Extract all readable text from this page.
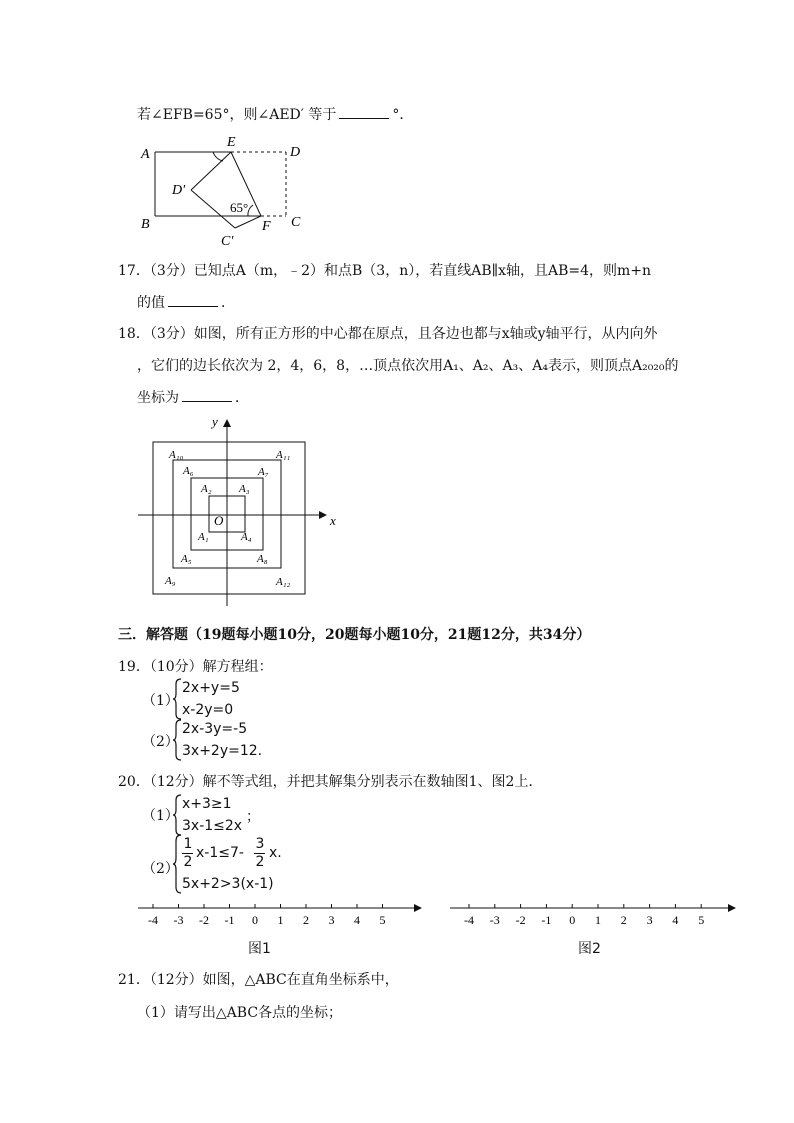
若∠EFB=65°，则∠AED′ 等于	°．
A
B
E
D
C
F
D′
C′
65°
17．（3分）已知点A（m，﹣2）和点B（3，n），若直线AB∥x轴，且AB=4，则m+n
的值	．
18．（3分）如图，所有正方形的中心都在原点，且各边也都与x轴或y轴平行，从内向外
，它们的边长依次为 2，4，6，8，…顶点依次用A₁、A₂、A₃、A₄表示，则顶点A₂₀₂₀的
坐标为	．
x
y
O
A₁
A₂ A₃
A₄
A₅
A₆	A₇
A₈
A₉
A₁₀	A₁₁
A₁₂
三．解答题（19题每小题10分，20题每小题10分，21题12分，共34分）
19．（10分）解方程组：
（1）
2x+y=5
x-2y=0
（2）
2x-3y=-5
3x+2y=12.
20．（12分）解不等式组，并把其解集分别表示在数轴图1、图2上．
（1）
x+3≥1
3x-1≤2x
；
（2）
1
2
x-1≤7-
3
2
x.
5x+2>3(x-1)
-4 -3 -2 -1 0 1 2 3 4 5
图1
-4 -3 -2 -1 0 1 2 3 4 5
图2
21．（12分）如图，△ABC在直角坐标系中，
（1）请写出△ABC各点的坐标；
